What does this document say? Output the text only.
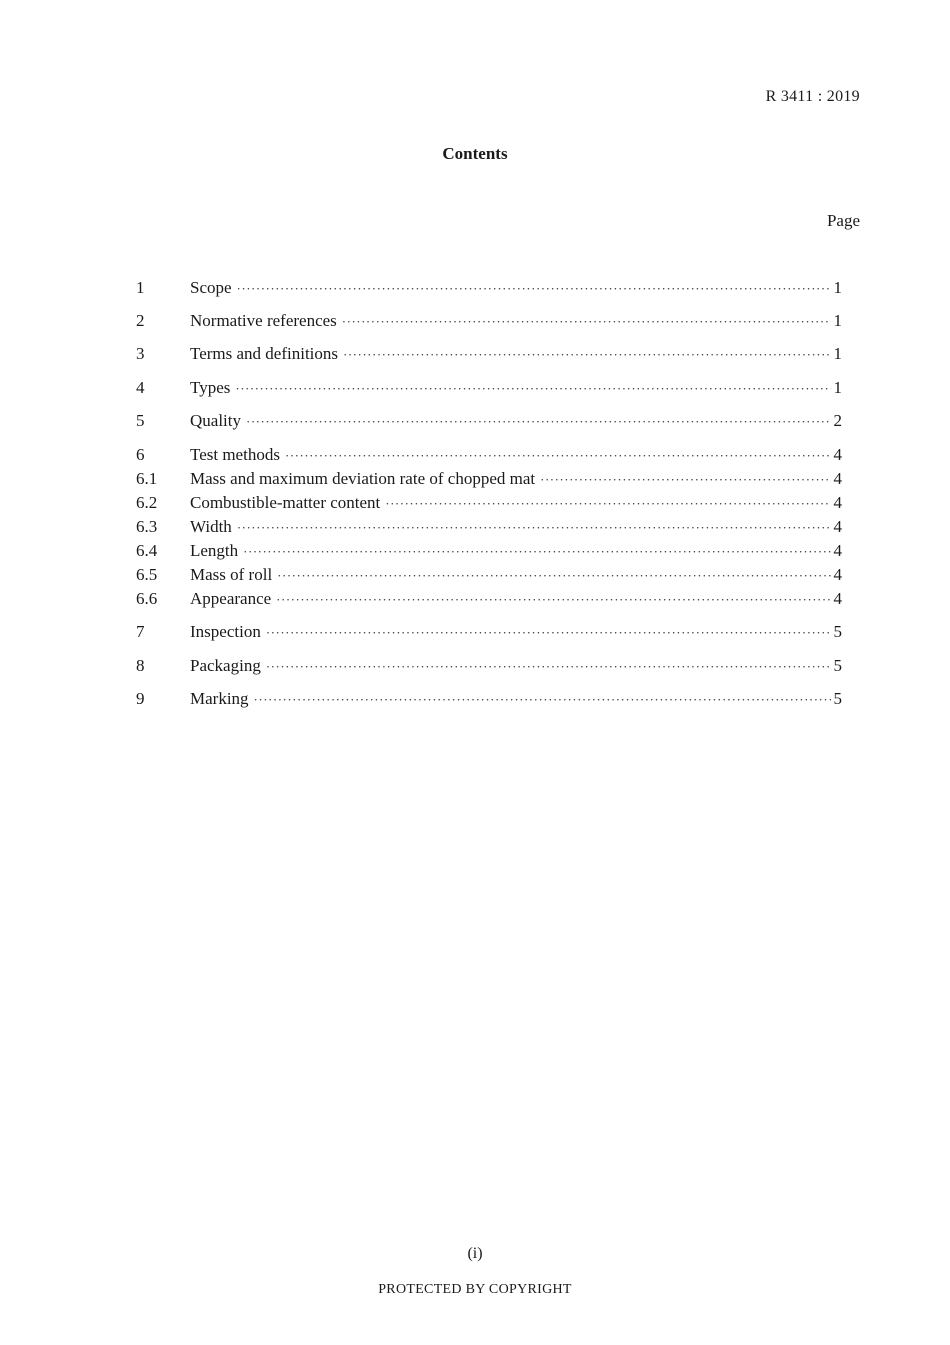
R 3411 : 2019
Contents
Page
1	Scope ·····	1
2	Normative references ·····	1
3	Terms and definitions ·····	1
4	Types ·····	1
5	Quality ·····	2
6	Test methods ·····	4
6.1	Mass and maximum deviation rate of chopped mat ·····	4
6.2	Combustible-matter content ·····	4
6.3	Width ·····	4
6.4	Length ·····	4
6.5	Mass of roll ·····	4
6.6	Appearance ·····	4
7	Inspection ·····	5
8	Packaging ·····	5
9	Marking ·····	5
(i)
PROTECTED BY COPYRIGHT
